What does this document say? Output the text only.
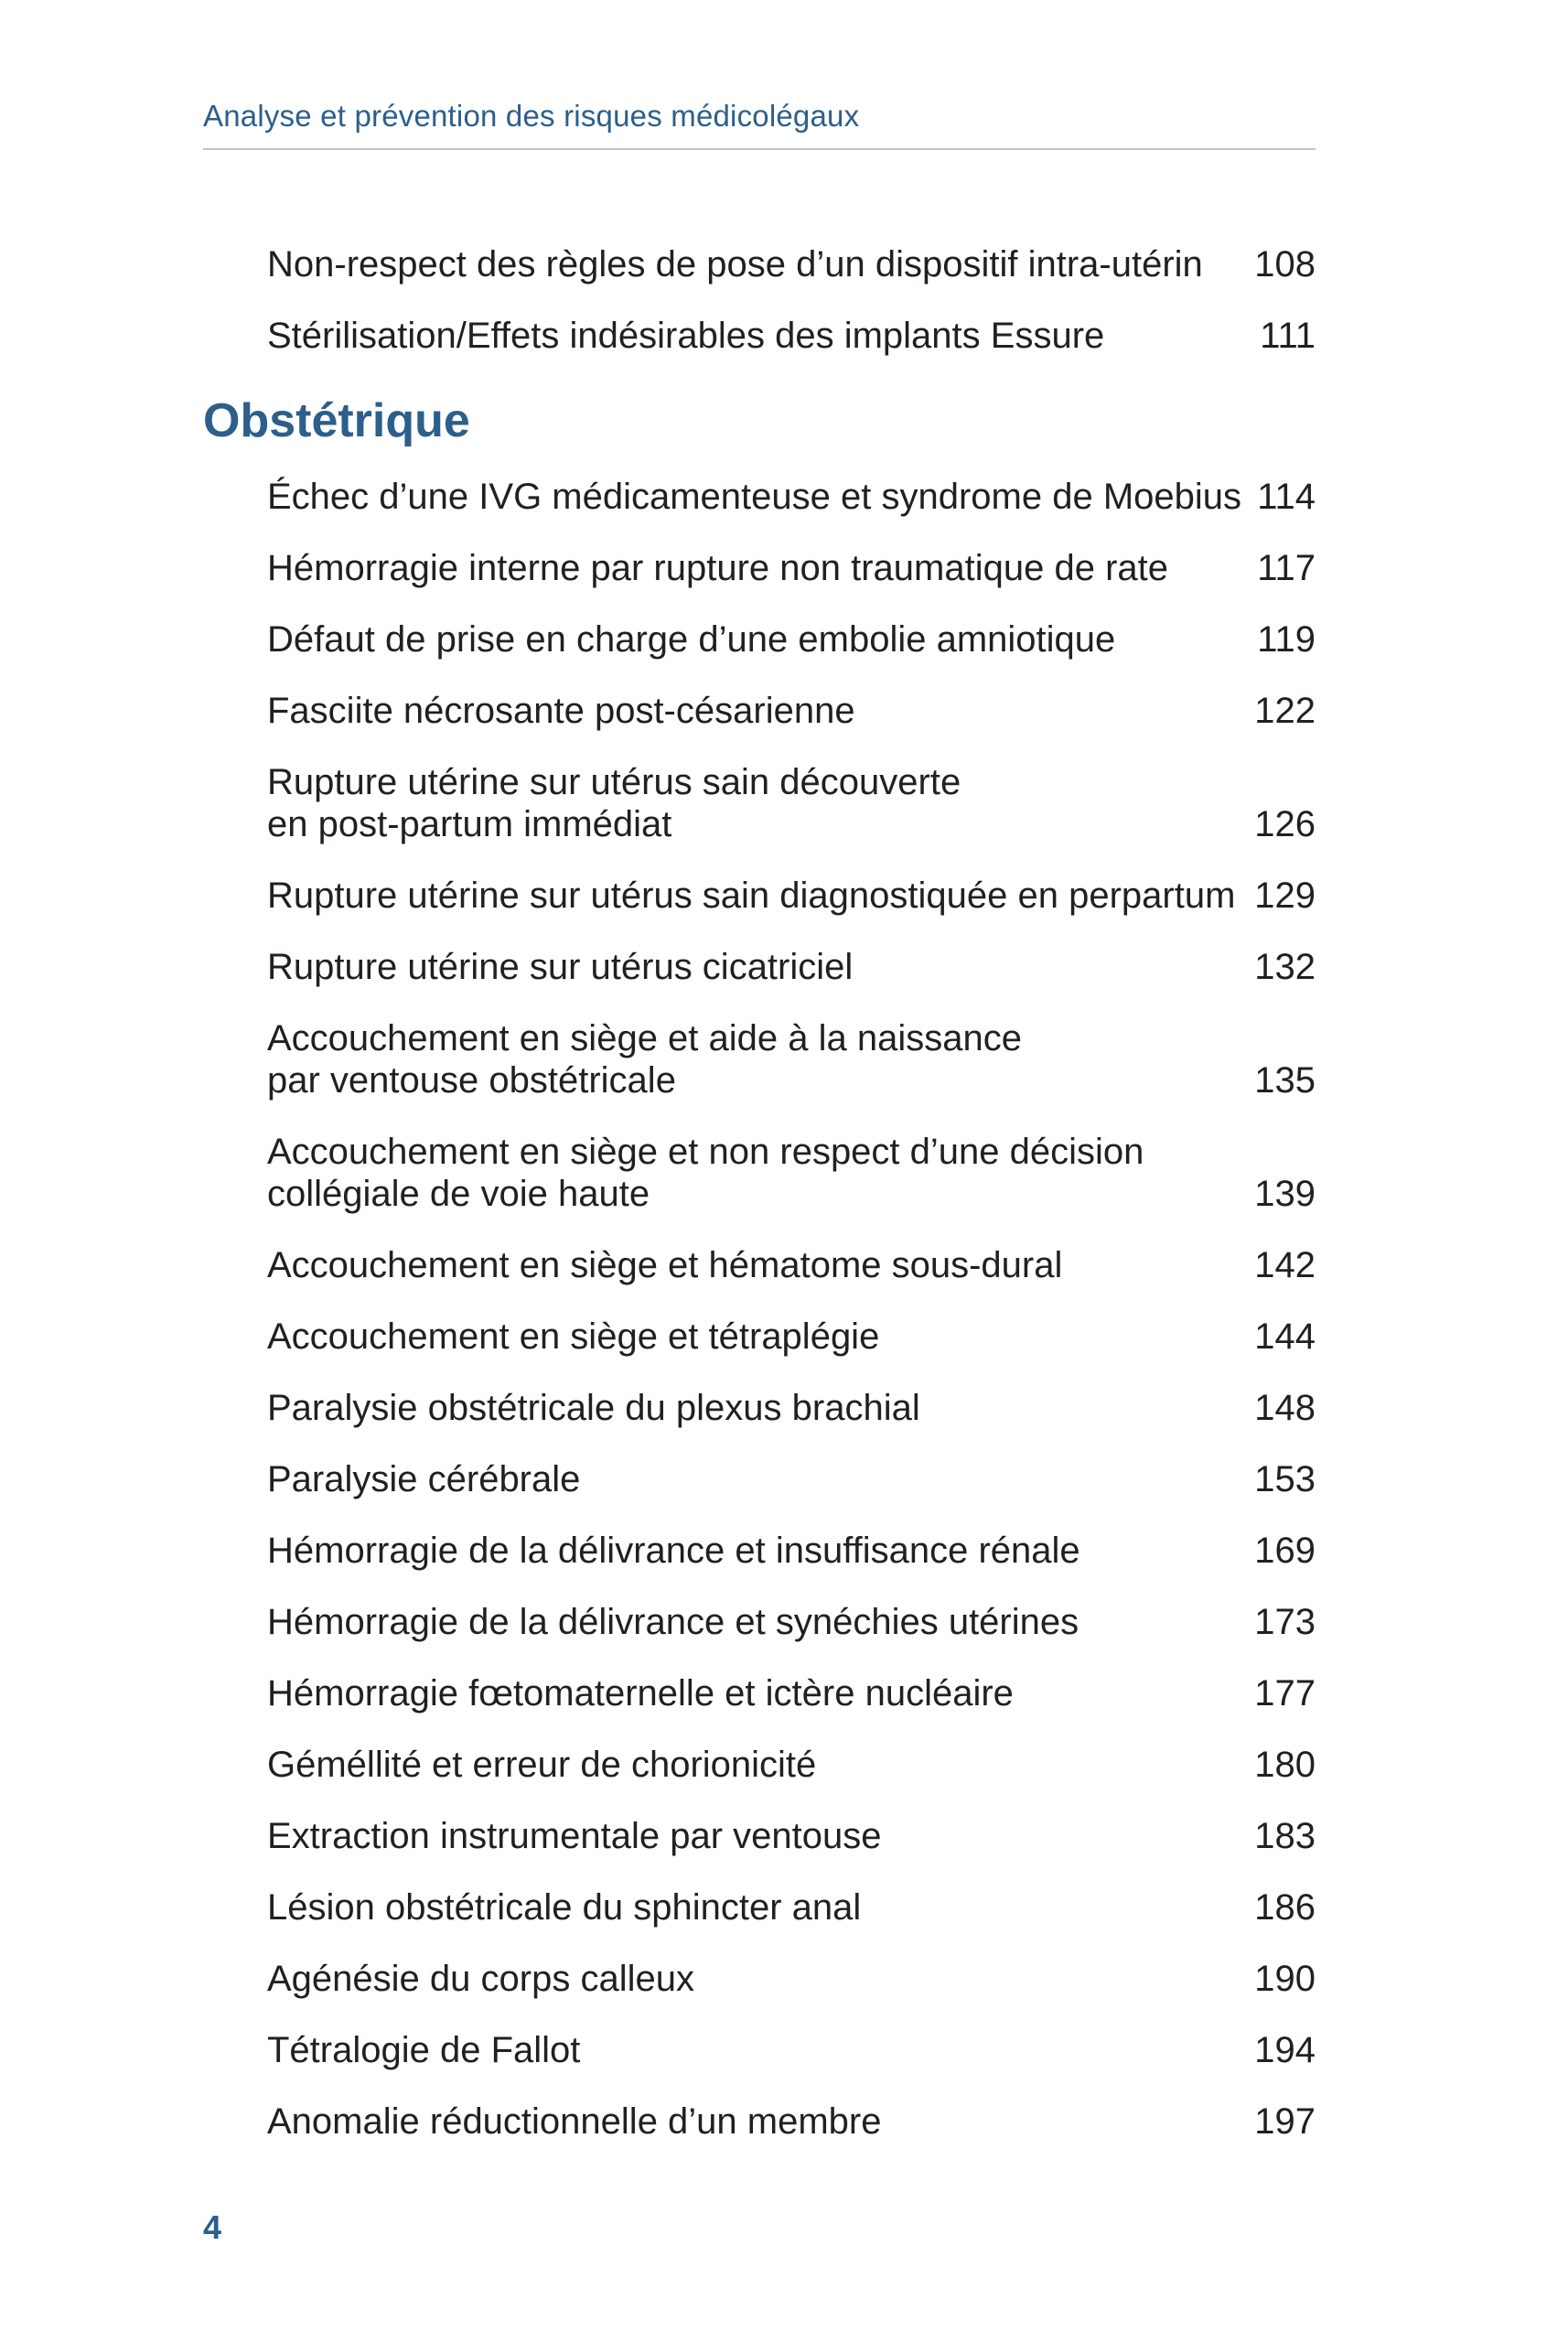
Analyse et prévention des risques médicolégaux
Non-respect des règles de pose d’un dispositif intra-utérin	108
Stérilisation/Effets indésirables des implants Essure	111
Obstétrique
Échec d’une IVG médicamenteuse et syndrome de Moebius 114
Hémorragie interne par rupture non traumatique de rate	117
Défaut de prise en charge d’une embolie amniotique	119
Fasciite nécrosante post-césarienne	122
Rupture utérine sur utérus sain découverte
en post-partum immédiat	126
Rupture utérine sur utérus sain diagnostiquée en perpartum 129
Rupture utérine sur utérus cicatriciel	132
Accouchement en siège et aide à la naissance
par ventouse obstétricale	135
Accouchement en siège et non respect d’une décision
collégiale de voie haute	139
Accouchement en siège et hématome sous-dural	142
Accouchement en siège et tétraplégie	144
Paralysie obstétricale du plexus brachial	148
Paralysie cérébrale	153
Hémorragie de la délivrance et insuffisance rénale	169
Hémorragie de la délivrance et synéchies utérines	173
Hémorragie fœtomaternelle et ictère nucléaire	177
Géméllité et erreur de chorionicité	180
Extraction instrumentale par ventouse	183
Lésion obstétricale du sphincter anal	186
Agénésie du corps calleux	190
Tétralogie de Fallot	194
Anomalie réductionnelle d’un membre	197
4
